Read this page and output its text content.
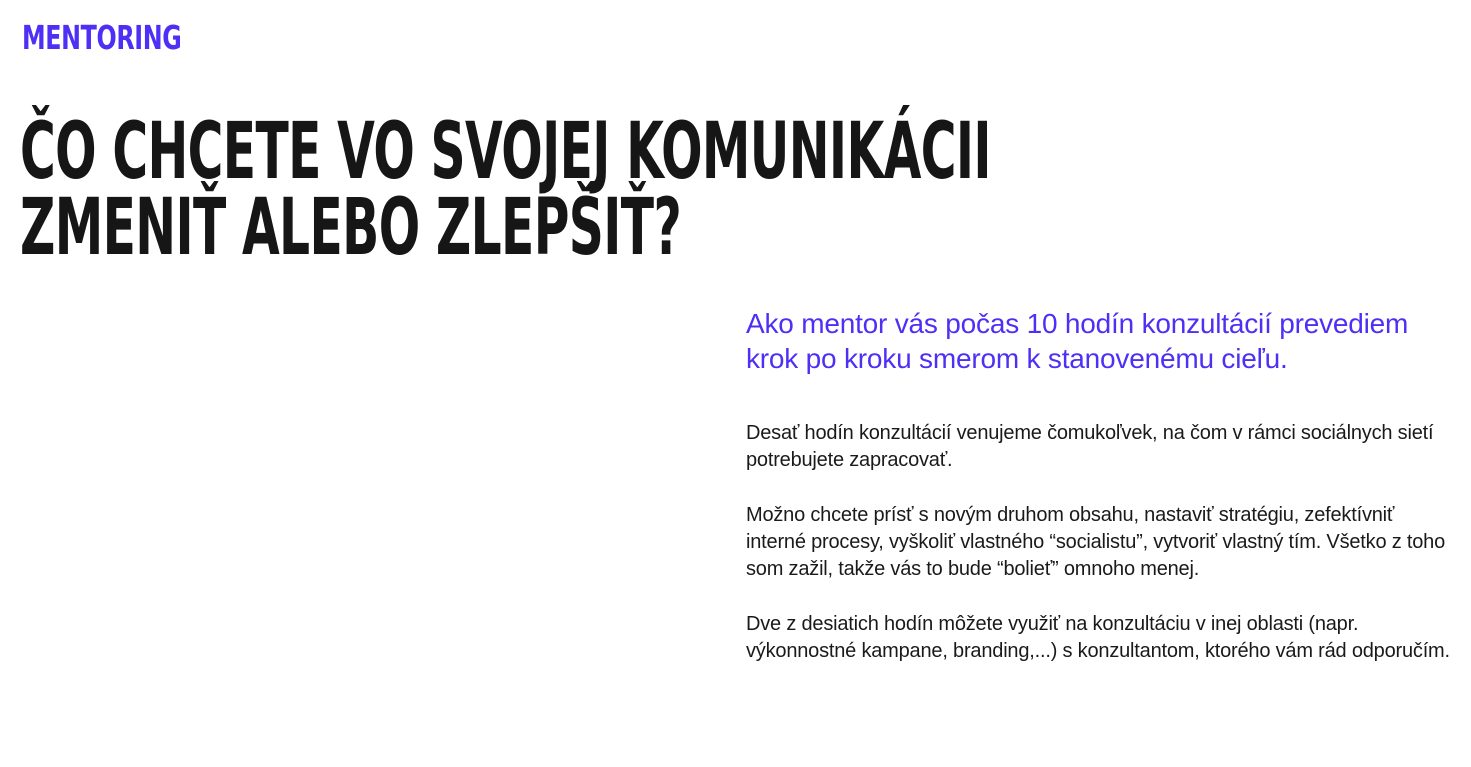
MENTORING
ČO CHCETE VO SVOJEJ KOMUNIKÁCII
ZMENIŤ ALEBO ZLEPŠIŤ?

Ako mentor vás počas 10 hodín konzultácií prevediem krok po kroku smerom k stanovenému cieľu.

Desať hodín konzultácií venujeme čomukoľvek, na čom v rámci sociálnych sietí potrebujete zapracovať.

Možno chcete prísť s novým druhom obsahu, nastaviť stratégiu, zefektívniť interné procesy, vyškoliť vlastného “socialistu”, vytvoriť vlastný tím. Všetko z toho som zažil, takže vás to bude “bolieť” omnoho menej.

Dve z desiatich hodín môžete využiť na konzultáciu v inej oblasti (napr. výkonnostné kampane, branding,...) s konzultantom, ktorého vám rád odporučím.
